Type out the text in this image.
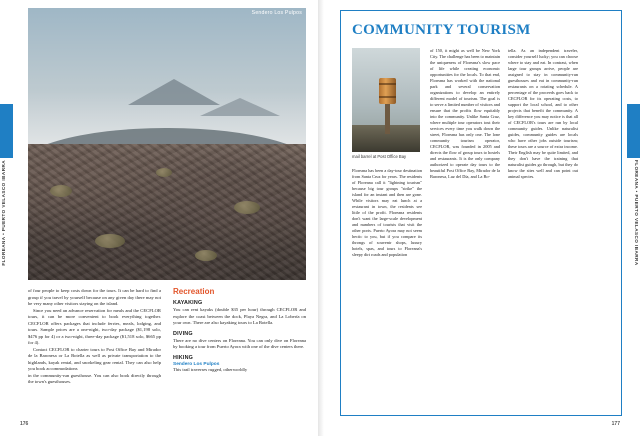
Sendero Los Pulpos
FLOREANA • PUERTO VELASCO IBARRA

of four people to keep costs down for the tours. It can be hard to find a group if you travel by yourself because on any given day there may not be very many other visitors staying on the island.

Since you need an advance reservation for meals and the CECFLOR tours, it can be more convenient to book everything together. CECFLOR offers packages that include ferries, meals, lodging, and tours. Sample prices are a one-night, two-day package ($1,198 solo, $476 pp for 4) or a two-night, three-day package ($1,518 solo, $665 pp for 4).

Contact CECFLOR to charter tours to Post Office Bay and Mirador de la Baronesa or La Botella as well as private transportation to the highlands, kayak rental, and snorkeling gear rental. They can also help you book accommodations

in the community-run guesthouse. You can also book directly through the town's guesthouses.

Recreation
KAYAKING

You can rent kayaks (double $35 per hour) through CECFLOR and explore the coast between the dock, Playa Negra, and La Lobería on your own. There are also kayaking tours to La Botella.

DIVING

There are no dive centers on Floreana. You can only dive on Floreana by booking a tour from Puerto Ayora with one of the dive centers there.

HIKING
Sendero Los Pulpos

This trail traverses rugged, otherworldly

176
COMMUNITY TOURISM
mail barrel at Post Office Bay

Floreana has been a day-tour destination from Santa Cruz for years. The residents of Floreana call it "lightning tourism" because big tour groups "strike" the island for an instant and then are gone. While visitors may eat lunch at a restaurant in town, the residents see little of the profit. Floreana residents don't want the large-scale development and numbers of tourists that visit the other ports. Puerto Ayora may not seem hectic to you, but if you compare its throngs of souvenir shops, luxury hotels, spas, and tours to Floreana's sleepy dirt roads and population

of 150, it might as well be New York City. The challenge has been to maintain the uniqueness of Floreana's slow pace of life while creating economic opportunities for the locals. To that end, Floreana has worked with the national park and several conservation organizations to develop an entirely different model of tourism. The goal is to serve a limited number of visitors and ensure that the profits flow equitably into the community. Unlike Santa Cruz, where multiple tour operators tout their services every time you walk down the street, Floreana has only one. The lone community tourism operator, CECFLOR, was founded in 2005 and directs the flow of group tours to hostels and restaurants. It is the only company authorized to operate day tours to the beautiful Post Office Bay, Mirador de la Baronesa, Luz del Día, and La Bo-

tella. As an independent traveler, consider yourself lucky; you can choose where to stay and eat. In contrast, when large tour groups arrive, people are assigned to stay in community-run guesthouses and eat in community-run restaurants on a rotating schedule. A percentage of the proceeds goes back to CECFLOR for its operating costs, to support the local school, and to other projects that benefit the community. A key difference you may notice is that all of CECFLOR's tours are run by local community guides. Unlike naturalist guides, community guides are locals who have other jobs outside tourism; these tours are a source of extra income. Their English may be quite limited, and they don't have the training that naturalist guides go through, but they do know the sites well and can point out animal species.	FLOREANA • PUERTO VELASCO IBARRA
177
